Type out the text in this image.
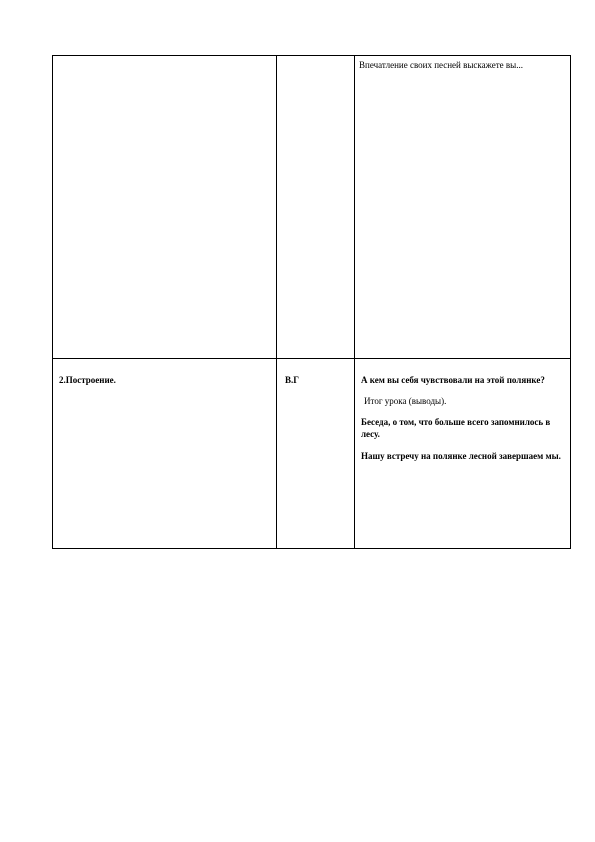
		Впечатление своих песней выскажете вы...

2.Построение.	В.Г	А кем вы себя чувствовали на этой полянке?

Итог урока (выводы).

Беседа, о том, что больше всего запомнилось в лесу.

Нашу встречу на полянке лесной завершаем мы.
